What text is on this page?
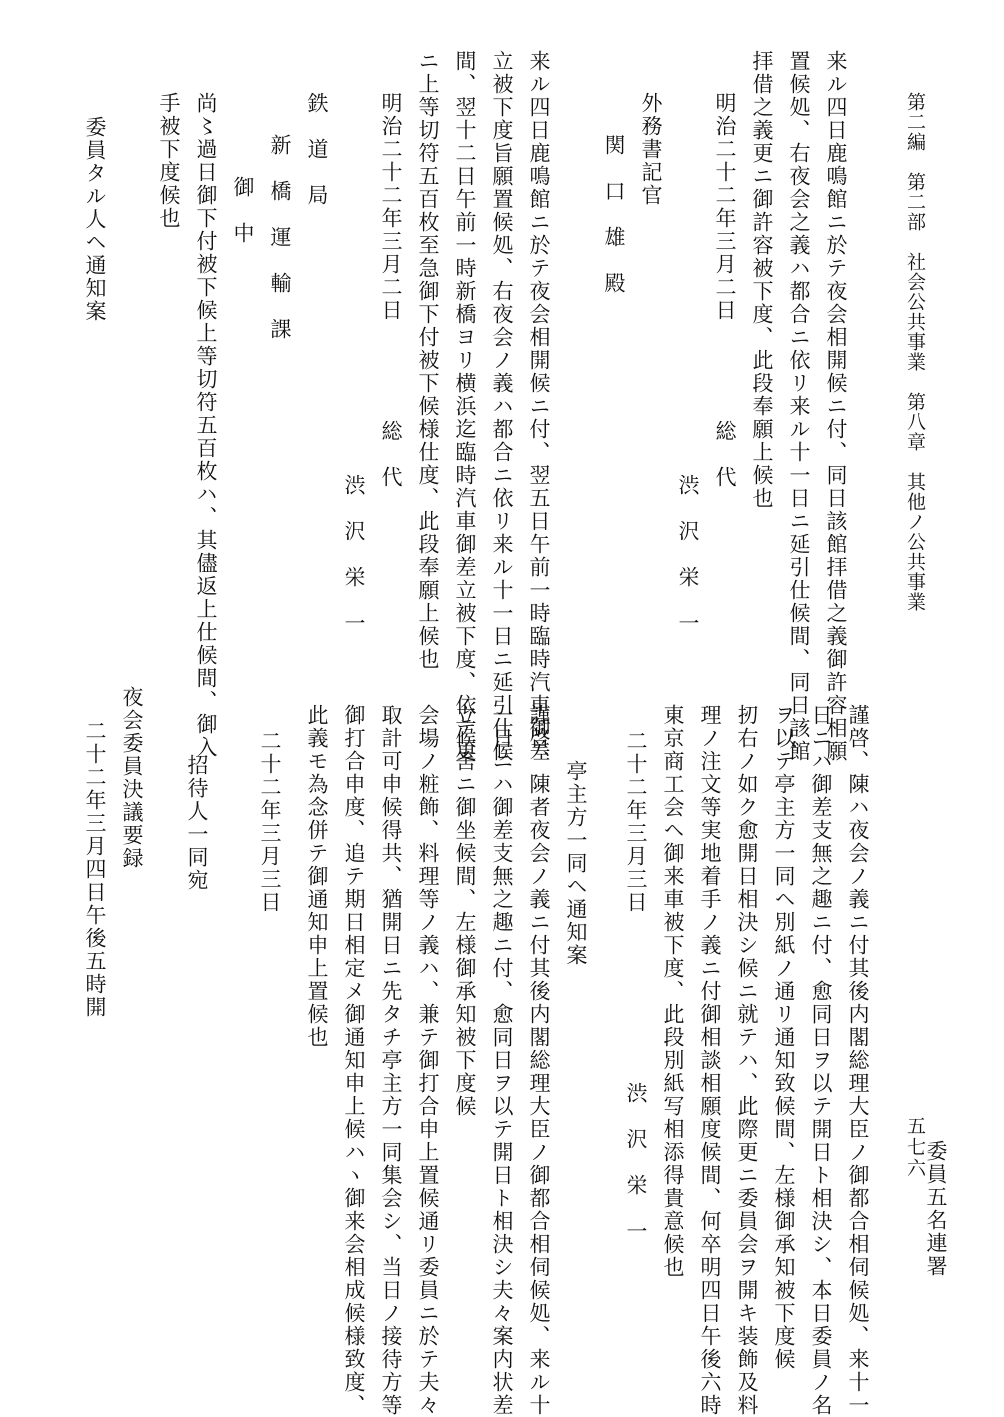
第二編　第二部　社会公共事業　第八章　其他ノ公共事業
五七六
来ル四日鹿鳴館ニ於テ夜会相開候ニ付、同日該館拝借之義御許容相願
置候処、右夜会之義ハ都合ニ依リ来ル十一日ニ延引仕候間、同日該館
拝借之義更ニ御許容被下度、此段奉願上候也
明治二十二年三月二日
総　代
渋　沢　栄　一
外務書記官
関　口　雄　殿
来ル四日鹿鳴館ニ於テ夜会相開候ニ付、翌五日午前一時臨時汽車御差
立被下度旨願置候処、右夜会ノ義ハ都合ニ依リ来ル十一日ニ延引仕候
間、翌十二日午前一時新橋ヨリ横浜迄臨時汽車御差立被下度、依テ更
ニ上等切符五百枚至急御下付被下候様仕度、此段奉願上候也
明治二十二年三月二日
総　代
渋　沢　栄　一
鉄　道　局
新　橋　運　輸　課
御　中
尚〻過日御下付被下候上等切符五百枚ハ、其儘返上仕候間、御入
手被下度候也
委員タル人ヘ通知案
謹啓、陳ハ夜会ノ義ニ付其後内閣総理大臣ノ御都合相伺候処、来十一
日ニハ御差支無之趣ニ付、愈同日ヲ以テ開日ト相決シ、本日委員ノ名
ヲ以テ亭主方一同ヘ別紙ノ通リ通知致候間、左様御承知被下度候
扨右ノ如ク愈開日相決シ候ニ就テハ、此際更ニ委員会ヲ開キ装飾及料
理ノ注文等実地着手ノ義ニ付御相談相願度候間、何卒明四日午後六時
東京商工会ヘ御来車被下度、此段別紙写相添得貴意候也
二十二年三月三日
渋　沢　栄　一	委員五名連署
亭主方一同ヘ通知案
謹啓、陳者夜会ノ義ニ付其後内閣総理大臣ノ御都合相伺候処、来ル十
一日ニハ御差支無之趣ニ付、愈同日ヲ以テ開日ト相決シ夫々案内状差
立候筈ニ御坐候間、左様御承知被下度候
会場ノ粧飾、料理等ノ義ハ、兼テ御打合申上置候通リ委員ニ於テ夫々
取計可申候得共、猶開日ニ先タチ亭主方一同集会シ、当日ノ接待方等
御打合申度、追テ期日相定メ御通知申上候ハヽ御来会相成候様致度、
此義モ為念併テ御通知申上置候也
二十二年三月三日
招待人一同宛
夜会委員決議要録
二十二年三月四日午後五時開
